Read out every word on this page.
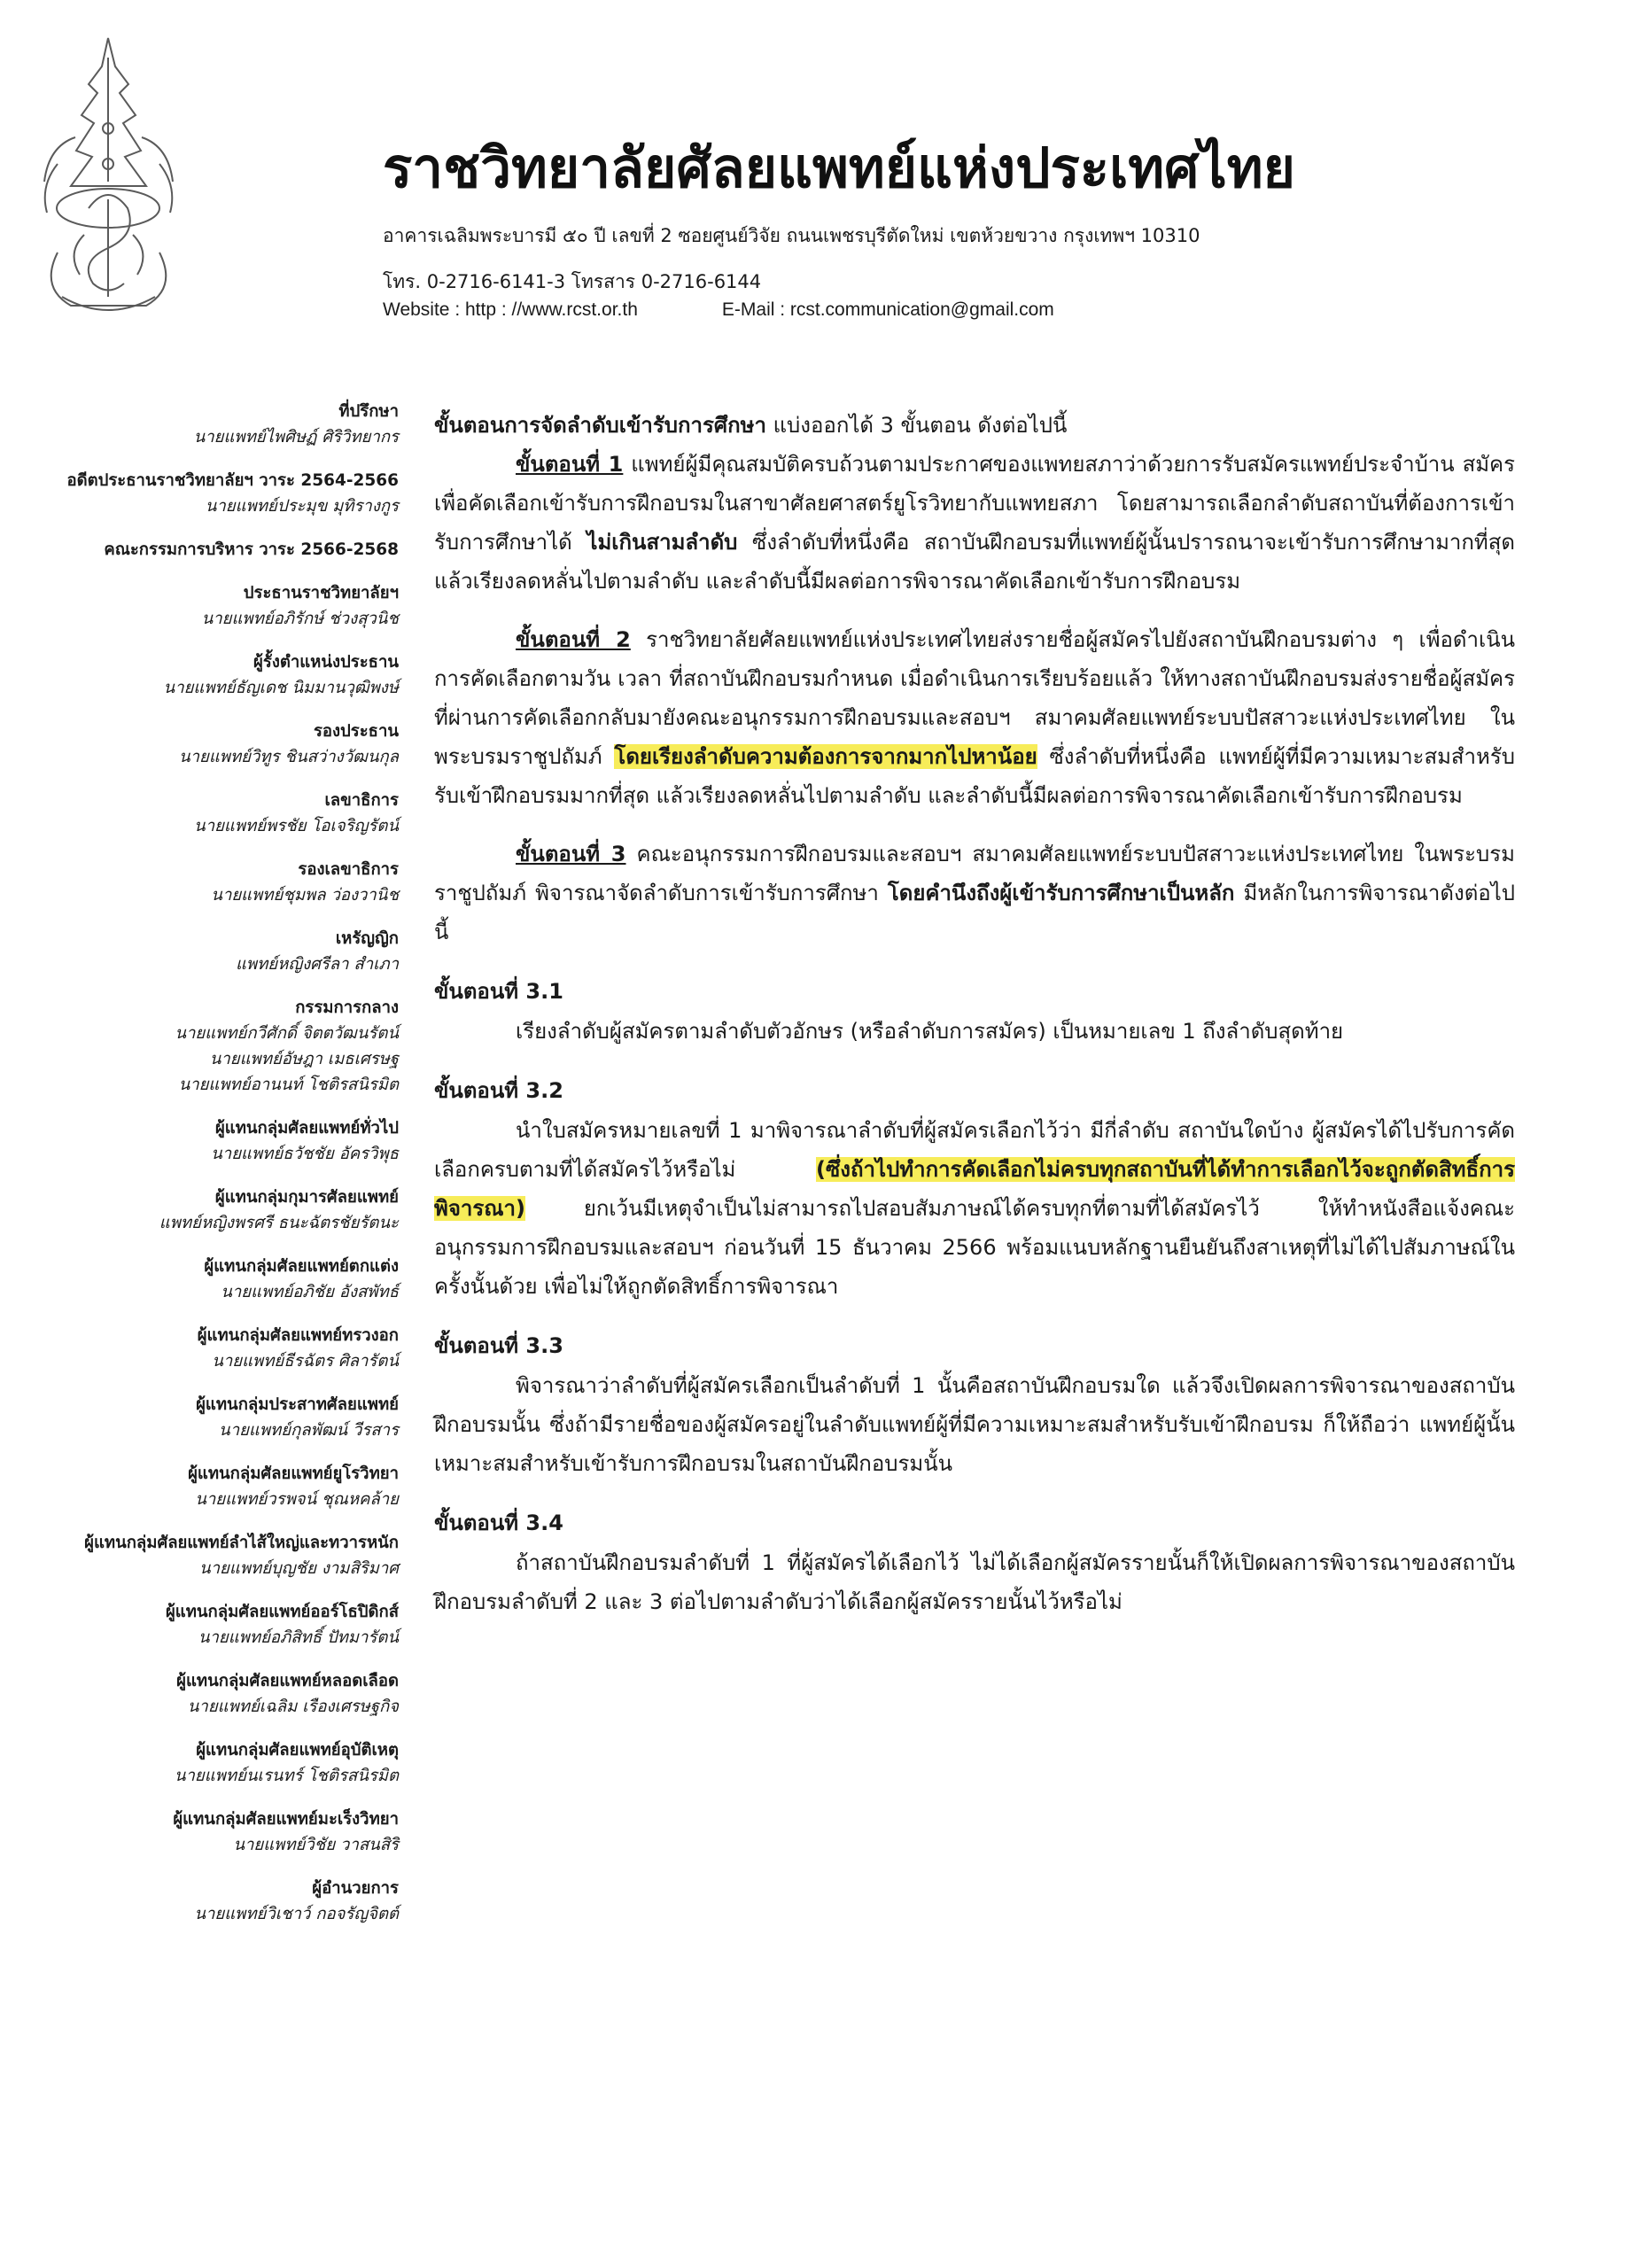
ราชวิทยาลัยศัลยแพทย์แห่งประเทศไทย
อาคารเฉลิมพระบารมี ๕๐ ปี เลขที่ 2 ซอยศูนย์วิจัย ถนนเพชรบุรีตัดใหม่ เขตห้วยขวาง กรุงเทพฯ 10310
โทร. 0-2716-6141-3 โทรสาร 0-2716-6144
Website : http : //www.rcst.or.th	E-Mail : rcst.communication@gmail.com
ที่ปรึกษา
นายแพทย์ไพศิษฏ์ ศิริวิทยากร
อดีตประธานราชวิทยาลัยฯ วาระ 2564-2566
นายแพทย์ประมุข มุทิรางกูร
คณะกรรมการบริหาร วาระ 2566-2568
ประธานราชวิทยาลัยฯ
นายแพทย์อภิรักษ์ ช่วงสุวนิช
ผู้รั้งตำแหน่งประธาน
นายแพทย์ธัญเดช นิมมานวุฒิพงษ์
รองประธาน
นายแพทย์วิทูร ชินสว่างวัฒนกุล
เลขาธิการ
นายแพทย์พรชัย โอเจริญรัตน์
รองเลขาธิการ
นายแพทย์ชุมพล ว่องวานิช
เหรัญญิก
แพทย์หญิงศรีลา สำเภา
กรรมการกลาง
นายแพทย์กวีศักดิ์ จิตตวัฒนรัตน์
นายแพทย์อัษฎา เมธเศรษฐ
นายแพทย์อานนท์ โชติรสนิรมิต
ผู้แทนกลุ่มศัลยแพทย์ทั่วไป
นายแพทย์ธวัชชัย อัครวิพุธ
ผู้แทนกลุ่มกุมารศัลยแพทย์
แพทย์หญิงพรศรี ธนะฉัตรชัยรัตนะ
ผู้แทนกลุ่มศัลยแพทย์ตกแต่ง
นายแพทย์อภิชัย อังสพัทธ์
ผู้แทนกลุ่มศัลยแพทย์ทรวงอก
นายแพทย์ธีรฉัตร ศิลารัตน์
ผู้แทนกลุ่มประสาทศัลยแพทย์
นายแพทย์กุลพัฒน์ วีรสาร
ผู้แทนกลุ่มศัลยแพทย์ยูโรวิทยา
นายแพทย์วรพจน์ ชุณหคล้าย
ผู้แทนกลุ่มศัลยแพทย์ลำไส้ใหญ่และทวารหนัก
นายแพทย์บุญชัย งามสิริมาศ
ผู้แทนกลุ่มศัลยแพทย์ออร์โธปิดิกส์
นายแพทย์อภิสิทธิ์ ปัทมารัตน์
ผู้แทนกลุ่มศัลยแพทย์หลอดเลือด
นายแพทย์เฉลิม เรืองเศรษฐกิจ
ผู้แทนกลุ่มศัลยแพทย์อุบัติเหตุ
นายแพทย์นเรนทร์ โชติรสนิรมิต
ผู้แทนกลุ่มศัลยแพทย์มะเร็งวิทยา
นายแพทย์วิชัย วาสนสิริ
ผู้อำนวยการ
นายแพทย์วิเชาว์ กอจรัญจิตต์

ขั้นตอนการจัดลำดับเข้ารับการศึกษา แบ่งออกได้ 3 ขั้นตอน ดังต่อไปนี้

ขั้นตอนที่ 1 แพทย์ผู้มีคุณสมบัติครบถ้วนตามประกาศของแพทยสภาว่าด้วยการรับสมัครแพทย์ประจำบ้าน สมัครเพื่อคัดเลือกเข้ารับการฝึกอบรมในสาขาศัลยศาสตร์ยูโรวิทยากับแพทยสภา โดยสามารถเลือกลำดับสถาบันที่ต้องการเข้ารับการศึกษาได้ ไม่เกินสามลำดับ ซึ่งลำดับที่หนึ่งคือ สถาบันฝึกอบรมที่แพทย์ผู้นั้นปรารถนาจะเข้ารับการศึกษามากที่สุด แล้วเรียงลดหลั่นไปตามลำดับ และลำดับนี้มีผลต่อการพิจารณาคัดเลือกเข้ารับการฝึกอบรม

ขั้นตอนที่ 2 ราชวิทยาลัยศัลยแพทย์แห่งประเทศไทยส่งรายชื่อผู้สมัครไปยังสถาบันฝึกอบรมต่าง ๆ เพื่อดำเนินการคัดเลือกตามวัน เวลา ที่สถาบันฝึกอบรมกำหนด เมื่อดำเนินการเรียบร้อยแล้ว ให้ทางสถาบันฝึกอบรมส่งรายชื่อผู้สมัครที่ผ่านการคัดเลือกกลับมายังคณะอนุกรรมการฝึกอบรมและสอบฯ สมาคมศัลยแพทย์ระบบปัสสาวะแห่งประเทศไทย ในพระบรมราชูปถัมภ์ โดยเรียงลำดับความต้องการจากมากไปหาน้อย ซึ่งลำดับที่หนึ่งคือ แพทย์ผู้ที่มีความเหมาะสมสำหรับรับเข้าฝึกอบรมมากที่สุด แล้วเรียงลดหลั่นไปตามลำดับ และลำดับนี้มีผลต่อการพิจารณาคัดเลือกเข้ารับการฝึกอบรม

ขั้นตอนที่ 3 คณะอนุกรรมการฝึกอบรมและสอบฯ สมาคมศัลยแพทย์ระบบปัสสาวะแห่งประเทศไทย ในพระบรมราชูปถัมภ์ พิจารณาจัดลำดับการเข้ารับการศึกษา โดยคำนึงถึงผู้เข้ารับการศึกษาเป็นหลัก มีหลักในการพิจารณาดังต่อไปนี้

ขั้นตอนที่ 3.1

เรียงลำดับผู้สมัครตามลำดับตัวอักษร (หรือลำดับการสมัคร) เป็นหมายเลข 1 ถึงลำดับสุดท้าย

ขั้นตอนที่ 3.2

นำใบสมัครหมายเลขที่ 1 มาพิจารณาลำดับที่ผู้สมัครเลือกไว้ว่า มีกี่ลำดับ สถาบันใดบ้าง ผู้สมัครได้ไปรับการคัดเลือกครบตามที่ได้สมัครไว้หรือไม่ (ซึ่งถ้าไปทำการคัดเลือกไม่ครบทุกสถาบันที่ได้ทำการเลือกไว้จะถูกตัดสิทธิ์การพิจารณา) ยกเว้นมีเหตุจำเป็นไม่สามารถไปสอบสัมภาษณ์ได้ครบทุกที่ตามที่ได้สมัครไว้ ให้ทำหนังสือแจ้งคณะอนุกรรมการฝึกอบรมและสอบฯ ก่อนวันที่ 15 ธันวาคม 2566 พร้อมแนบหลักฐานยืนยันถึงสาเหตุที่ไม่ได้ไปสัมภาษณ์ในครั้งนั้นด้วย เพื่อไม่ให้ถูกตัดสิทธิ์การพิจารณา

ขั้นตอนที่ 3.3

พิจารณาว่าลำดับที่ผู้สมัครเลือกเป็นลำดับที่ 1 นั้นคือสถาบันฝึกอบรมใด แล้วจึงเปิดผลการพิจารณาของสถาบันฝึกอบรมนั้น ซึ่งถ้ามีรายชื่อของผู้สมัครอยู่ในลำดับแพทย์ผู้ที่มีความเหมาะสมสำหรับรับเข้าฝึกอบรม ก็ให้ถือว่า แพทย์ผู้นั้นเหมาะสมสำหรับเข้ารับการฝึกอบรมในสถาบันฝึกอบรมนั้น

ขั้นตอนที่ 3.4

ถ้าสถาบันฝึกอบรมลำดับที่ 1 ที่ผู้สมัครได้เลือกไว้ ไม่ได้เลือกผู้สมัครรายนั้นก็ให้เปิดผลการพิจารณาของสถาบันฝึกอบรมลำดับที่ 2 และ 3 ต่อไปตามลำดับว่าได้เลือกผู้สมัครรายนั้นไว้หรือไม่
